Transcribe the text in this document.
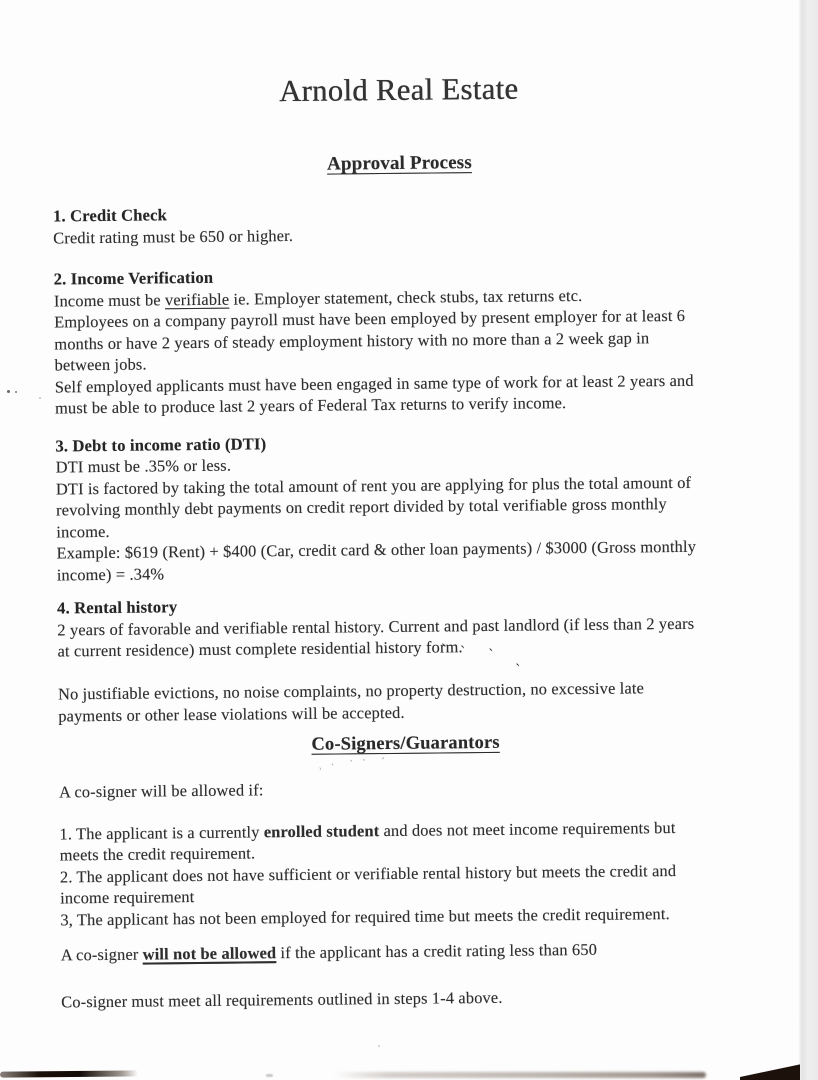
Arnold Real Estate
Approval Process
1. Credit Check
Credit rating must be 650 or higher.
2. Income Verification
Income must be verifiable ie. Employer statement, check stubs, tax returns etc.
Employees on a company payroll must have been employed by present employer for at least 6
months or have 2 years of steady employment history with no more than a 2 week gap in
between jobs.
Self employed applicants must have been engaged in same type of work for at least 2 years and
must be able to produce last 2 years of Federal Tax returns to verify income.
3. Debt to income ratio (DTI)
DTI must be .35% or less.
DTI is factored by taking the total amount of rent you are applying for plus the total amount of
revolving monthly debt payments on credit report divided by total verifiable gross monthly
income.
Example: $619 (Rent) + $400 (Car, credit card & other loan payments) / $3000 (Gross monthly
income) = .34%
4. Rental history
2 years of favorable and verifiable rental history. Current and past landlord (if less than 2 years
at current residence) must complete residential history form.

No justifiable evictions, no noise complaints, no property destruction, no excessive late
payments or other lease violations will be accepted.
Co-Signers/Guarantors
A co-signer will be allowed if:
1. The applicant is a currently enrolled student and does not meet income requirements but
meets the credit requirement.
2. The applicant does not have sufficient or verifiable rental history but meets the credit and
income requirement
3, The applicant has not been employed for required time but meets the credit requirement.
A co-signer will not be allowed if the applicant has a credit rating less than 650
Co-signer must meet all requirements outlined in steps 1-4 above.
ˋ ˋ  ˋ  ˏ
˒ ˑ  ˙ ˈ  ˊ
